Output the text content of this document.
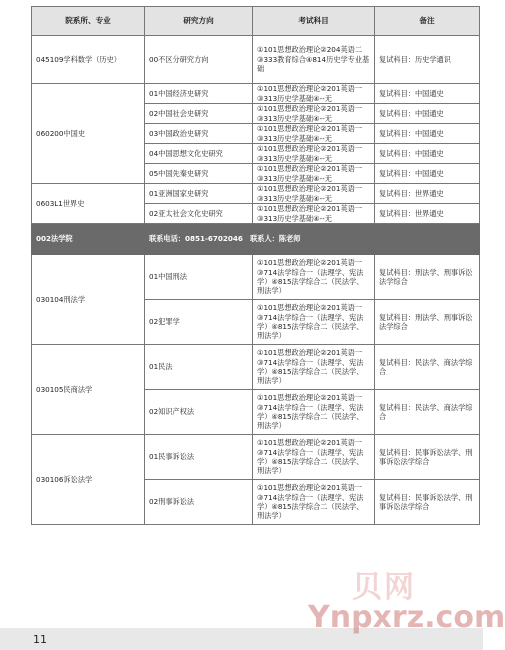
院系所、专业	研究方向	考试科目	备注
045109学科数学（历史）	00不区分研究方向	①101思想政治理论②204英语二③333教育综合④814历史学专业基础	复试科目：历史学通识
060200中国史	01中国经济史研究	①101思想政治理论②201英语一③313历史学基础④--无	复试科目：中国通史
	02中国社会史研究	①101思想政治理论②201英语一③313历史学基础④--无	复试科目：中国通史
	03中国政治史研究	①101思想政治理论②201英语一③313历史学基础④--无	复试科目：中国通史
	04中国思想文化史研究	①101思想政治理论②201英语一③313历史学基础④--无	复试科目：中国通史
	05中国先秦史研究	①101思想政治理论②201英语一③313历史学基础④--无	复试科目：中国通史
0603L1世界史	01亚洲国家史研究	①101思想政治理论②201英语一③313历史学基础④--无	复试科目：世界通史
	02亚太社会文化史研究	①101思想政治理论②201英语一③313历史学基础④--无	复试科目：世界通史
002法学院	联系电话：0851-6702046　联系人：陈老师		
030104刑法学	01中国刑法	①101思想政治理论②201英语一③714法学综合一（法理学、宪法学）④815法学综合二（民法学、刑法学）	复试科目：刑法学、刑事诉讼法学综合
	02犯罪学	①101思想政治理论②201英语一③714法学综合一（法理学、宪法学）④815法学综合二（民法学、刑法学）	复试科目：刑法学、刑事诉讼法学综合
030105民商法学	01民法	①101思想政治理论②201英语一③714法学综合一（法理学、宪法学）④815法学综合二（民法学、刑法学）	复试科目：民法学、商法学综合
	02知识产权法	①101思想政治理论②201英语一③714法学综合一（法理学、宪法学）④815法学综合二（民法学、刑法学）	复试科目：民法学、商法学综合
030106诉讼法学	01民事诉讼法	①101思想政治理论②201英语一③714法学综合一（法理学、宪法学）④815法学综合二（民法学、刑法学）	复试科目：民事诉讼法学、刑事诉讼法学综合
	02刑事诉讼法	①101思想政治理论②201英语一③714法学综合一（法理学、宪法学）④815法学综合二（民法学、刑法学）	复试科目：民事诉讼法学、刑事诉讼法学综合
11
贝网
Ynpxrz.com
